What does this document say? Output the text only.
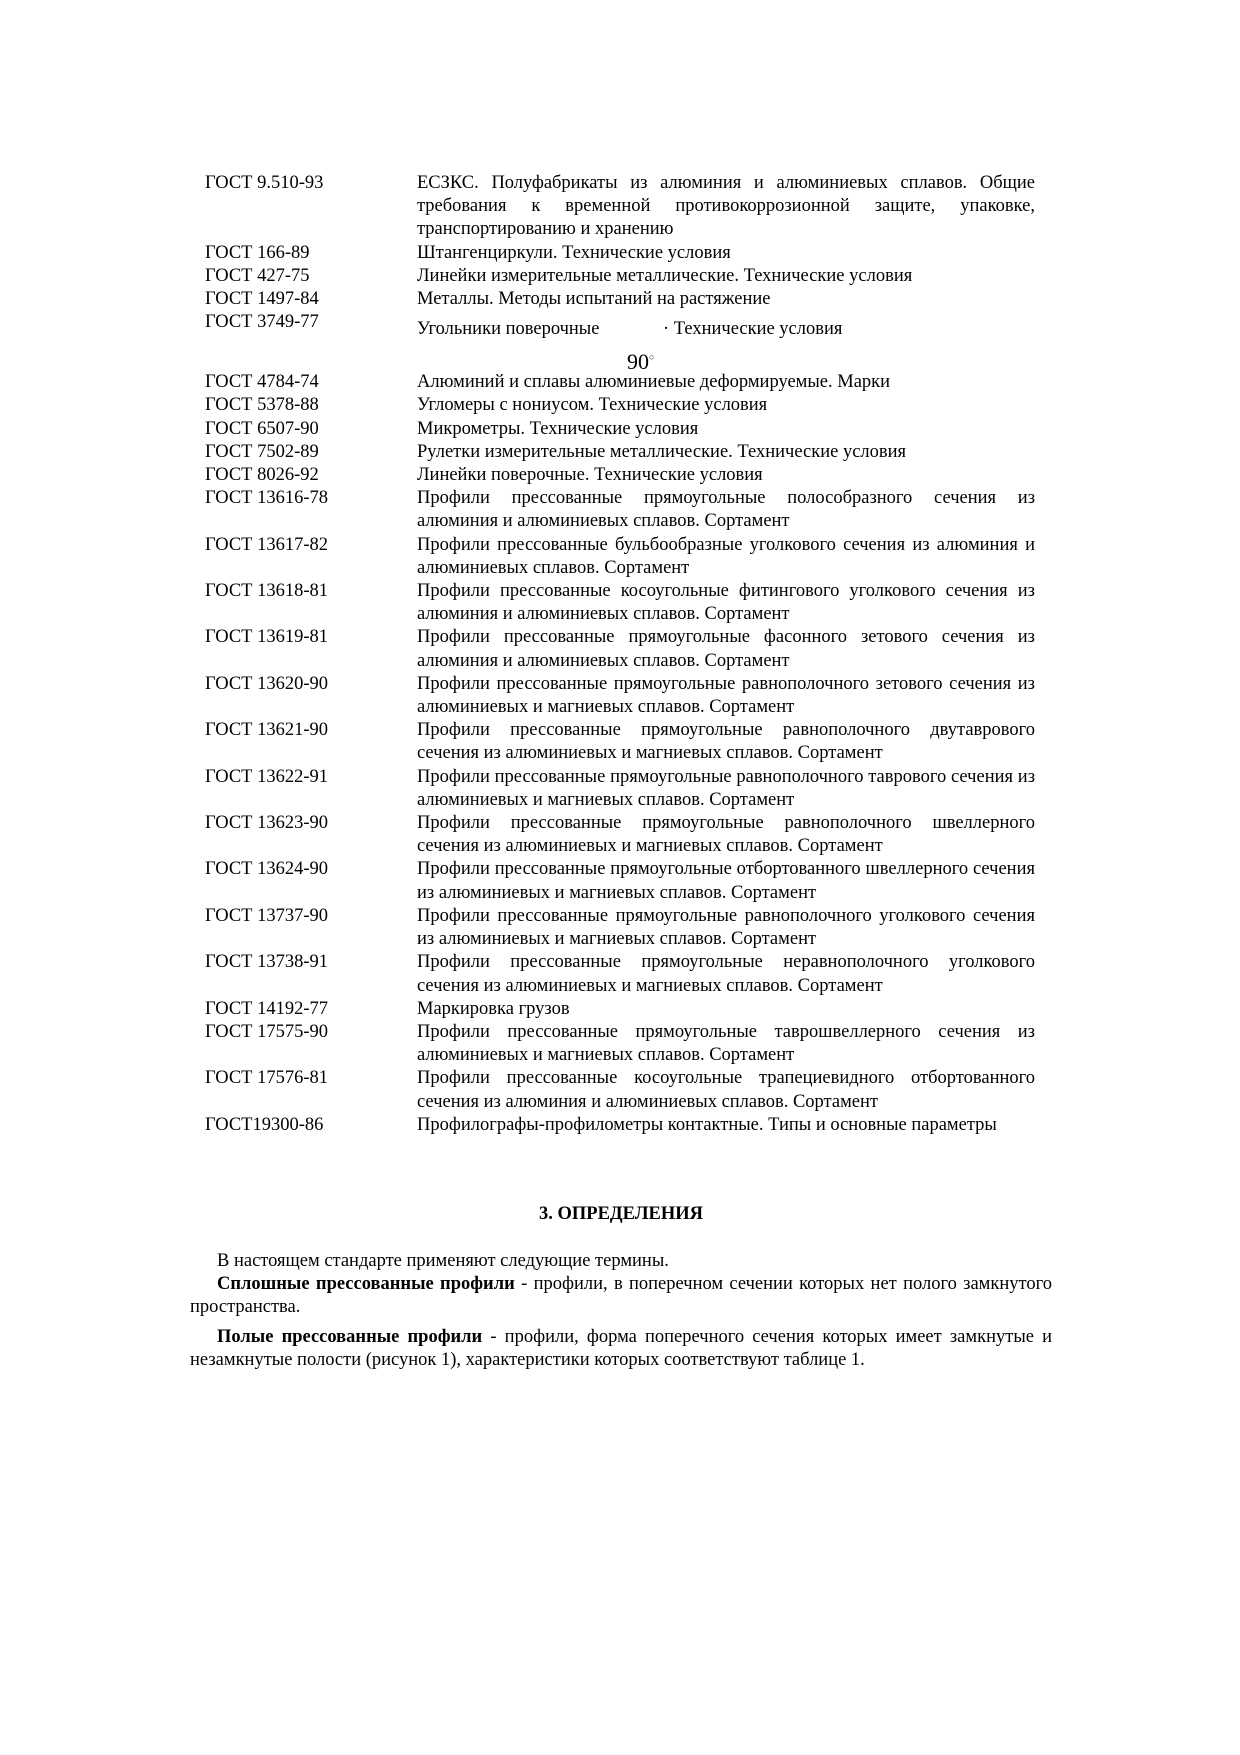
ГОСТ 9.510-93	ЕСЗКС. Полуфабрикаты из алюминия и алюминиевых сплавов. Общие требования к временной противокоррозионной защите, упаковке, транспортированию и хранению
ГОСТ 166-89	Штангенциркули. Технические условия
ГОСТ 427-75	Линейки измерительные металлические. Технические условия
ГОСТ 1497-84	Металлы. Методы испытаний на растяжение
ГОСТ 3749-77	Угольники поверочные	· Технические условия
90○
ГОСТ 4784-74	Алюминий и сплавы алюминиевые деформируемые. Марки
ГОСТ 5378-88	Угломеры с нониусом. Технические условия
ГОСТ 6507-90	Микрометры. Технические условия
ГОСТ 7502-89	Рулетки измерительные металлические. Технические условия
ГОСТ 8026-92	Линейки поверочные. Технические условия
ГОСТ 13616-78	Профили прессованные прямоугольные полособразного сечения из алюминия и алюминиевых сплавов. Сортамент
ГОСТ 13617-82	Профили прессованные бульбообразные уголкового сечения из алюминия и алюминиевых сплавов. Сортамент
ГОСТ 13618-81	Профили прессованные косоугольные фитингового уголкового сечения из алюминия и алюминиевых сплавов. Сортамент
ГОСТ 13619-81	Профили прессованные прямоугольные фасонного зетового сечения из алюминия и алюминиевых сплавов. Сортамент
ГОСТ 13620-90	Профили прессованные прямоугольные равнополочного зетового сечения из алюминиевых и магниевых сплавов. Сортамент
ГОСТ 13621-90	Профили прессованные прямоугольные равнополочного двутаврового сечения из алюминиевых и магниевых сплавов. Сортамент
ГОСТ 13622-91	Профили прессованные прямоугольные равнополочного таврового сечения из алюминиевых и магниевых сплавов. Сортамент
ГОСТ 13623-90	Профили прессованные прямоугольные равнополочного швеллерного сечения из алюминиевых и магниевых сплавов. Сортамент
ГОСТ 13624-90	Профили прессованные прямоугольные отбортованного швеллерного сечения из алюминиевых и магниевых сплавов. Сортамент
ГОСТ 13737-90	Профили прессованные прямоугольные равнополочного уголкового сечения из алюминиевых и магниевых сплавов. Сортамент
ГОСТ 13738-91	Профили прессованные прямоугольные неравнополочного уголкового сечения из алюминиевых и магниевых сплавов. Сортамент
ГОСТ 14192-77	Маркировка грузов
ГОСТ 17575-90	Профили прессованные прямоугольные таврошвеллерного сечения из алюминиевых и магниевых сплавов. Сортамент
ГОСТ 17576-81	Профили прессованные косоугольные трапециевидного отбортованного сечения из алюминия и алюминиевых сплавов. Сортамент
ГОСТ19300-86	Профилографы-профилометры контактные. Типы и основные параметры
3. ОПРЕДЕЛЕНИЯ

В настоящем стандарте применяют следующие термины.

Сплошные прессованные профили - профили, в поперечном сечении которых нет полого замкнутого пространства.

Полые прессованные профили - профили, форма поперечного сечения которых имеет замкнутые и незамкнутые полости (рисунок 1), характеристики которых соответствуют таблице 1.
